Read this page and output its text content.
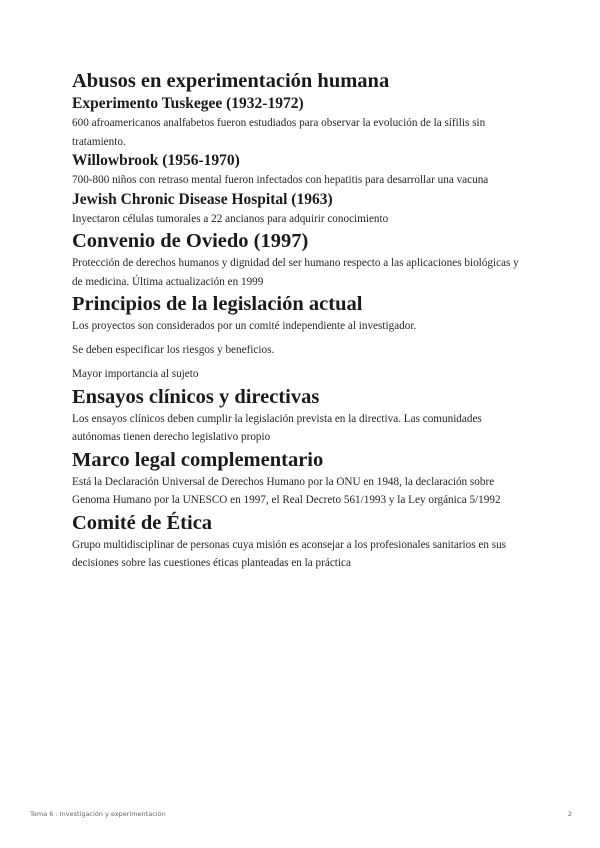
Abusos en experimentación humana
Experimento Tuskegee (1932-1972)

600 afroamericanos analfabetos fueron estudiados para observar la evolución de la sífilis sin tratamiento.

Willowbrook (1956-1970)

700-800 niños con retraso mental fueron infectados con hepatitis para desarrollar una vacuna

Jewish Chronic Disease Hospital (1963)

Inyectaron células tumorales a 22 ancianos para adquirir conocimiento

Convenio de Oviedo (1997)

Protección de derechos humanos y dignidad del ser humano respecto a las aplicaciones biológicas y de medicina. Última actualización en 1999

Principios de la legislación actual

Los proyectos son considerados por un comité independiente al investigador.

Se deben especificar los riesgos y beneficios.

Mayor importancia al sujeto

Ensayos clínicos y directivas

Los ensayos clínicos deben cumplir la legislación prevista en la directiva. Las comunidades autónomas tienen derecho legislativo propio

Marco legal complementario

Está la Declaración Universal de Derechos Humano por la ONU en 1948, la declaración sobre Genoma Humano por la UNESCO en 1997, el Real Decreto 561/1993 y la Ley orgánica 5/1992

Comité de Ética

Grupo multidisciplinar de personas cuya misión es aconsejar a los profesionales sanitarios en sus decisiones sobre las cuestiones éticas planteadas en la práctica

Tema 6 : Investigación y experimentación	2
